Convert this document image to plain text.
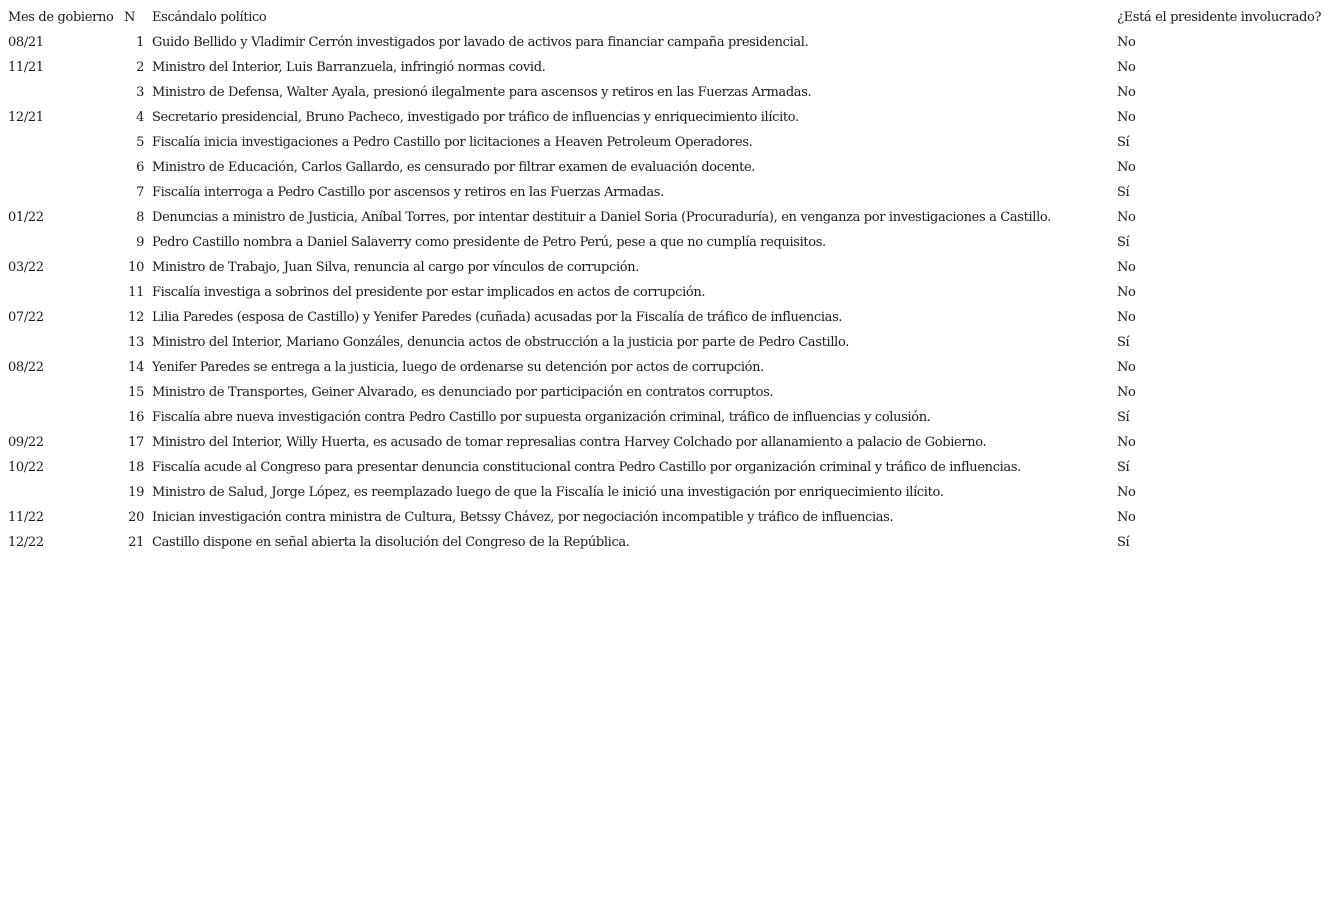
Mes de gobierno	N	Escándalo político	¿Está el presidente involucrado?
08/21	1	Guido Bellido y Vladimir Cerrón investigados por lavado de activos para financiar campaña presidencial.	No
11/21	2	Ministro del Interior, Luis Barranzuela, infringió normas covid.	No
	3	Ministro de Defensa, Walter Ayala, presionó ilegalmente para ascensos y retiros en las Fuerzas Armadas.	No
12/21	4	Secretario presidencial, Bruno Pacheco, investigado por tráfico de influencias y enriquecimiento ilícito.	No
	5	Fiscalía inicia investigaciones a Pedro Castillo por licitaciones a Heaven Petroleum Operadores.	Sí
	6	Ministro de Educación, Carlos Gallardo, es censurado por filtrar examen de evaluación docente.	No
	7	Fiscalía interroga a Pedro Castillo por ascensos y retiros en las Fuerzas Armadas.	Sí
01/22	8	Denuncias a ministro de Justicia, Aníbal Torres, por intentar destituir a Daniel Soria (Procuraduría), en venganza por investigaciones a Castillo.	No
	9	Pedro Castillo nombra a Daniel Salaverry como presidente de Petro Perú, pese a que no cumplía requisitos.	Sí
03/22	10	Ministro de Trabajo, Juan Silva, renuncia al cargo por vínculos de corrupción.	No
	11	Fiscalía investiga a sobrinos del presidente por estar implicados en actos de corrupción.	No
07/22	12	Lilia Paredes (esposa de Castillo) y Yenifer Paredes (cuñada) acusadas por la Fiscalía de tráfico de influencias.	No
	13	Ministro del Interior, Mariano Gonzáles, denuncia actos de obstrucción a la justicia por parte de Pedro Castillo.	Sí
08/22	14	Yenifer Paredes se entrega a la justicia, luego de ordenarse su detención por actos de corrupción.	No
	15	Ministro de Transportes, Geiner Alvarado, es denunciado por participación en contratos corruptos.	No
	16	Fiscalía abre nueva investigación contra Pedro Castillo por supuesta organización criminal, tráfico de influencias y colusión.	Sí
09/22	17	Ministro del Interior, Willy Huerta, es acusado de tomar represalias contra Harvey Colchado por allanamiento a palacio de Gobierno.	No
10/22	18	Fiscalía acude al Congreso para presentar denuncia constitucional contra Pedro Castillo por organización criminal y tráfico de influencias.	Sí
	19	Ministro de Salud, Jorge López, es reemplazado luego de que la Fiscalía le inició una investigación por enriquecimiento ilícito.	No
11/22	20	Inician investigación contra ministra de Cultura, Betssy Chávez, por negociación incompatible y tráfico de influencias.	No
12/22	21	Castillo dispone en señal abierta la disolución del Congreso de la República.	Sí
